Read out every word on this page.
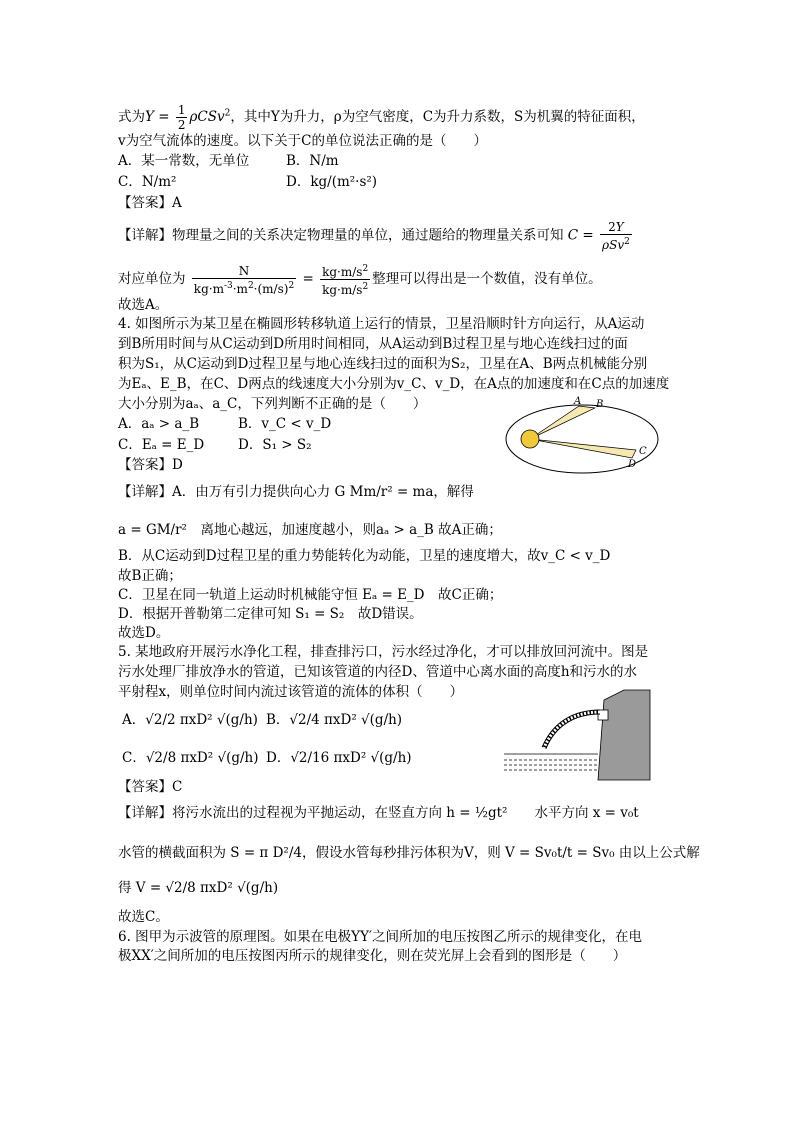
式为$Y = \frac{1}{2} \rho CSv^2$，其中Y为升力，ρ为空气密度，C为升力系数，S为机翼的特征面积，
v为空气流体的速度。以下关于C的单位说法正确的是（　　）
A．某一常数，无单位	B．N/m
C．N/m²	D．kg/(m²·s²)
【答案】A
【详解】物理量之间的关系决定物理量的单位，通过题给的物理量关系可知 $C = \frac{2Y}{\rho Sv^2}$
对应单位为 $\frac{N}{kg\cdot m^{-3}\cdot m^2\cdot(m/s)^2} = \frac{kg\cdot m/s^2}{kg\cdot m/s^2}$ 整理可以得出是一个数值，没有单位。
故选A。
4. 如图所示为某卫星在椭圆形转移轨道上运行的情景，卫星沿顺时针方向运行，从A运动
到B所用时间与从C运动到D所用时间相同，从A运动到B过程卫星与地心连线扫过的面
积为S₁，从C运动到D过程卫星与地心连线扫过的面积为S₂，卫星在A、B两点机械能分别
为Eₐ、E_B，在C、D两点的线速度大小分别为v_C、v_D，在A点的加速度和在C点的加速度
大小分别为aₐ、a_C，下列判断不正确的是（　　）
A．aₐ > a_B	B．v_C < v_D
C．Eₐ = E_D	D．S₁ > S₂
【答案】D
A B
C
D
【详解】A．由万有引力提供向心力 G Mm/r² = ma，解得
a = GM/r²　离地心越远，加速度越小，则aₐ > a_B 故A正确；
B．从C运动到D过程卫星的重力势能转化为动能，卫星的速度增大，故v_C < v_D
故B正确；
C．卫星在同一轨道上运动时机械能守恒 Eₐ = E_D　故C正确；
D．根据开普勒第二定律可知 S₁ = S₂　故D错误。
故选D。
5. 某地政府开展污水净化工程，排查排污口，污水经过净化，才可以排放回河流中。图是
污水处理厂排放净水的管道，已知该管道的内径D、管道中心离水面的高度h和污水的水
平射程x，则单位时间内流过该管道的流体的体积（　　）
A．√2/2 πxD² √(g/h) B．√2/4 πxD² √(g/h)
C．√2/8 πxD² √(g/h) D．√2/16 πxD² √(g/h)
【答案】C
【详解】将污水流出的过程视为平抛运动，在竖直方向 h = ½gt²　　水平方向 x = v₀t
水管的横截面积为 S = π D²/4，假设水管每秒排污体积为V，则 V = Sv₀t/t = Sv₀ 由以上公式解
得 V = √2/8 πxD² √(g/h)
故选C。
6. 图甲为示波管的原理图。如果在电极YY′之间所加的电压按图乙所示的规律变化，在电
极XX′之间所加的电压按图丙所示的规律变化，则在荧光屏上会看到的图形是（　　）
